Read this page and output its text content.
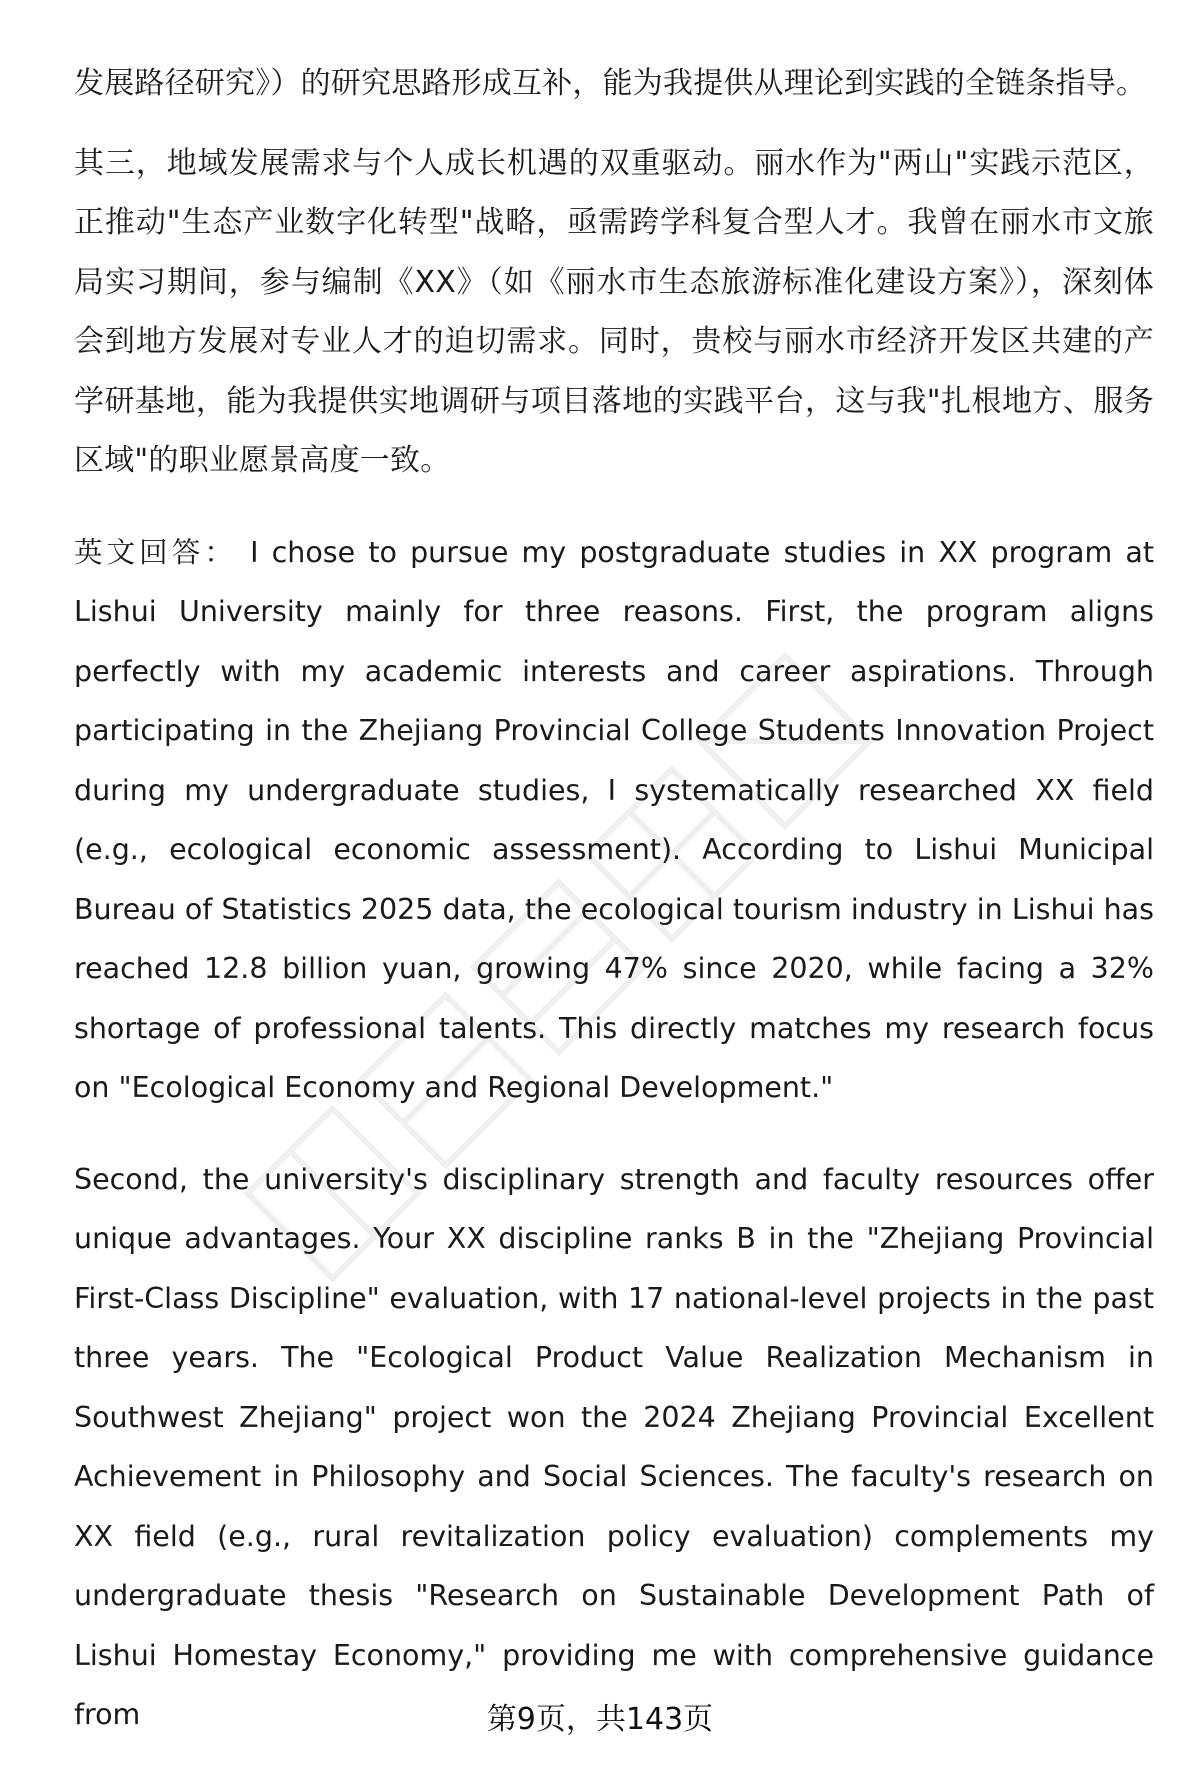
发展路径研究》）的研究思路形成互补，能为我提供从理论到实践的全链条指导。

其三，地域发展需求与个人成长机遇的双重驱动。丽水作为"两山"实践示范区，正推动"生态产业数字化转型"战略，亟需跨学科复合型人才。我曾在丽水市文旅局实习期间，参与编制《XX》（如《丽水市生态旅游标准化建设方案》），深刻体会到地方发展对专业人才的迫切需求。同时，贵校与丽水市经济开发区共建的产学研基地，能为我提供实地调研与项目落地的实践平台，这与我"扎根地方、服务区域"的职业愿景高度一致。

英文回答： I chose to pursue my postgraduate studies in XX program at Lishui University mainly for three reasons. First, the program aligns perfectly with my academic interests and career aspirations. Through participating in the Zhejiang Provincial College Students Innovation Project during my undergraduate studies, I systematically researched XX field (e.g., ecological economic assessment). According to Lishui Municipal Bureau of Statistics 2025 data, the ecological tourism industry in Lishui has reached 12.8 billion yuan, growing 47% since 2020, while facing a 32% shortage of professional talents. This directly matches my research focus on "Ecological Economy and Regional Development."

Second, the university's disciplinary strength and faculty resources offer unique advantages. Your XX discipline ranks B in the "Zhejiang Provincial First-Class Discipline" evaluation, with 17 national-level projects in the past three years. The "Ecological Product Value Realization Mechanism in Southwest Zhejiang" project won the 2024 Zhejiang Provincial Excellent Achievement in Philosophy and Social Sciences. The faculty's research on XX field (e.g., rural revitalization policy evaluation) complements my undergraduate thesis "Research on Sustainable Development Path of Lishui Homestay Economy," providing me with comprehensive guidance from	第9页，共143页
